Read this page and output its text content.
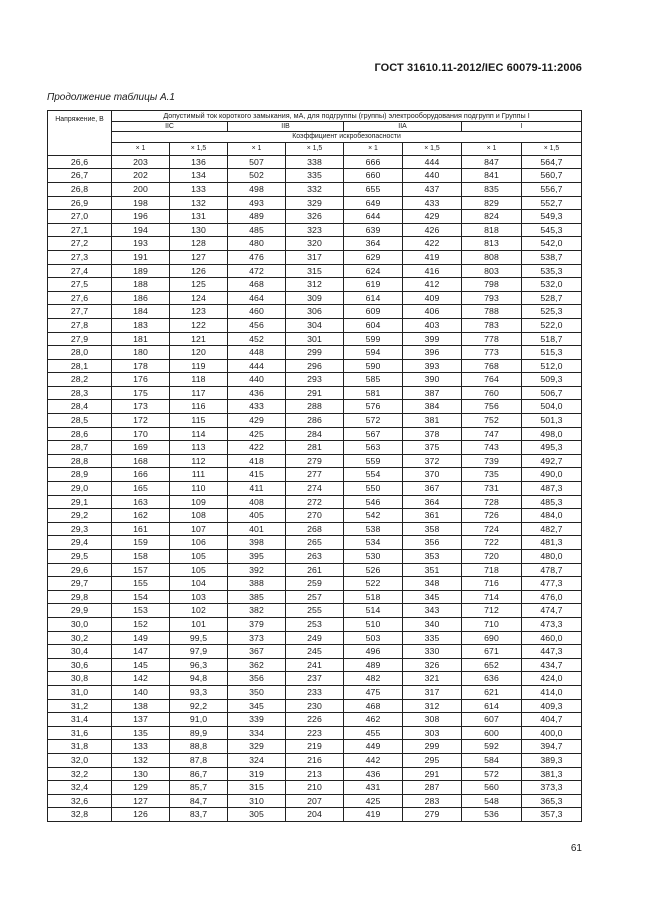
ГОСТ 31610.11-2012/IEC 60079-11:2006
Продолжение таблицы А.1
Напряжение, В	Допустимый ток короткого замыкания, мА, для подгруппы (группы) электрооборудования подгрупп и Группы I							
	IIC		IIB		IIA		I	
	Коэффициент искробезопасности							
	× 1	× 1,5	× 1	× 1,5	× 1	× 1,5	× 1	× 1,5
26,6	203	136	507	338	666	444	847	564,7
26,7	202	134	502	335	660	440	841	560,7
26,8	200	133	498	332	655	437	835	556,7
26,9	198	132	493	329	649	433	829	552,7
27,0	196	131	489	326	644	429	824	549,3
27,1	194	130	485	323	639	426	818	545,3
27,2	193	128	480	320	364	422	813	542,0
27,3	191	127	476	317	629	419	808	538,7
27,4	189	126	472	315	624	416	803	535,3
27,5	188	125	468	312	619	412	798	532,0
27,6	186	124	464	309	614	409	793	528,7
27,7	184	123	460	306	609	406	788	525,3
27,8	183	122	456	304	604	403	783	522,0
27,9	181	121	452	301	599	399	778	518,7
28,0	180	120	448	299	594	396	773	515,3
28,1	178	119	444	296	590	393	768	512,0
28,2	176	118	440	293	585	390	764	509,3
28,3	175	117	436	291	581	387	760	506,7
28,4	173	116	433	288	576	384	756	504,0
28,5	172	115	429	286	572	381	752	501,3
28,6	170	114	425	284	567	378	747	498,0
28,7	169	113	422	281	563	375	743	495,3
28,8	168	112	418	279	559	372	739	492,7
28,9	166	111	415	277	554	370	735	490,0
29,0	165	110	411	274	550	367	731	487,3
29,1	163	109	408	272	546	364	728	485,3
29,2	162	108	405	270	542	361	726	484,0
29,3	161	107	401	268	538	358	724	482,7
29,4	159	106	398	265	534	356	722	481,3
29,5	158	105	395	263	530	353	720	480,0
29,6	157	105	392	261	526	351	718	478,7
29,7	155	104	388	259	522	348	716	477,3
29,8	154	103	385	257	518	345	714	476,0
29,9	153	102	382	255	514	343	712	474,7
30,0	152	101	379	253	510	340	710	473,3
30,2	149	99,5	373	249	503	335	690	460,0
30,4	147	97,9	367	245	496	330	671	447,3
30,6	145	96,3	362	241	489	326	652	434,7
30,8	142	94,8	356	237	482	321	636	424,0
31,0	140	93,3	350	233	475	317	621	414,0
31,2	138	92,2	345	230	468	312	614	409,3
31,4	137	91,0	339	226	462	308	607	404,7
31,6	135	89,9	334	223	455	303	600	400,0
31,8	133	88,8	329	219	449	299	592	394,7
32,0	132	87,8	324	216	442	295	584	389,3
32,2	130	86,7	319	213	436	291	572	381,3
32,4	129	85,7	315	210	431	287	560	373,3
32,6	127	84,7	310	207	425	283	548	365,3
32,8	126	83,7	305	204	419	279	536	357,3
61
